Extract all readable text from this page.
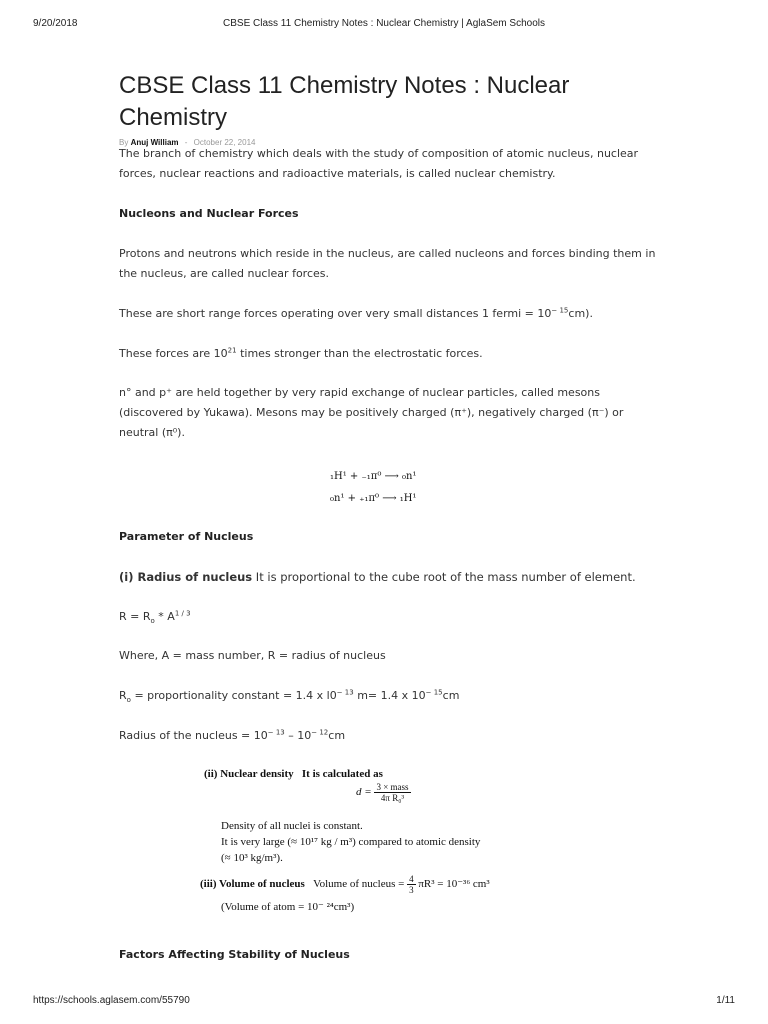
9/20/2018	CBSE Class 11 Chemistry Notes : Nuclear Chemistry | AglaSem Schools
CBSE Class 11 Chemistry Notes : Nuclear Chemistry
By Anuj William - October 22, 2014

The branch of chemistry which deals with the study of composition of atomic nucleus, nuclear forces, nuclear reactions and radioactive materials, is called nuclear chemistry.

Nucleons and Nuclear Forces

Protons and neutrons which reside in the nucleus, are called nucleons and forces binding them in the nucleus, are called nuclear forces.

These are short range forces operating over very small distances 1 fermi = $10^{- 15}cm$).

These forces are $10^{21}$ times stronger than the electrostatic forces.

n° and p⁺ are held together by very rapid exchange of nuclear particles, called mesons (discovered by Yukawa). Mesons may be positively charged (π⁺), negatively charged (π⁻) or neutral (π⁰).

₁H¹ + ₋₁π⁰ ⟶ ₀n¹
₀n¹ + ₊₁π⁰ ⟶ ₁H¹
Parameter of Nucleus

(i) Radius of nucleus It is proportional to the cube root of the mass number of element.

$R = R_o * A^{1 / 3}$

Where, A = mass number, R = radius of nucleus

$R_o$ = proportionality constant = 1.4 x $l0^{- 13}$ m= 1.4 x $10^{- 15}cm$

Radius of the nucleus = $10^{- 13} - 10^{- 12}cm$

(ii) Nuclear density It is calculated as
$d = \frac{\text{3 × mass}}{\text{4π R₀³}}$
Density of all nuclei is constant.
It is very large (≈ 10¹⁷ kg / m³) compared to atomic density
(≈ 10³ kg/m³).
(iii) Volume of nucleus Volume of nucleus = $\frac{4}{3} \pi R^3 = 10^{-36}$ cm³
(Volume of atom = 10⁻ ²⁴cm³)
Factors Affecting Stability of Nucleus
https://schools.aglasem.com/55790	1/11
